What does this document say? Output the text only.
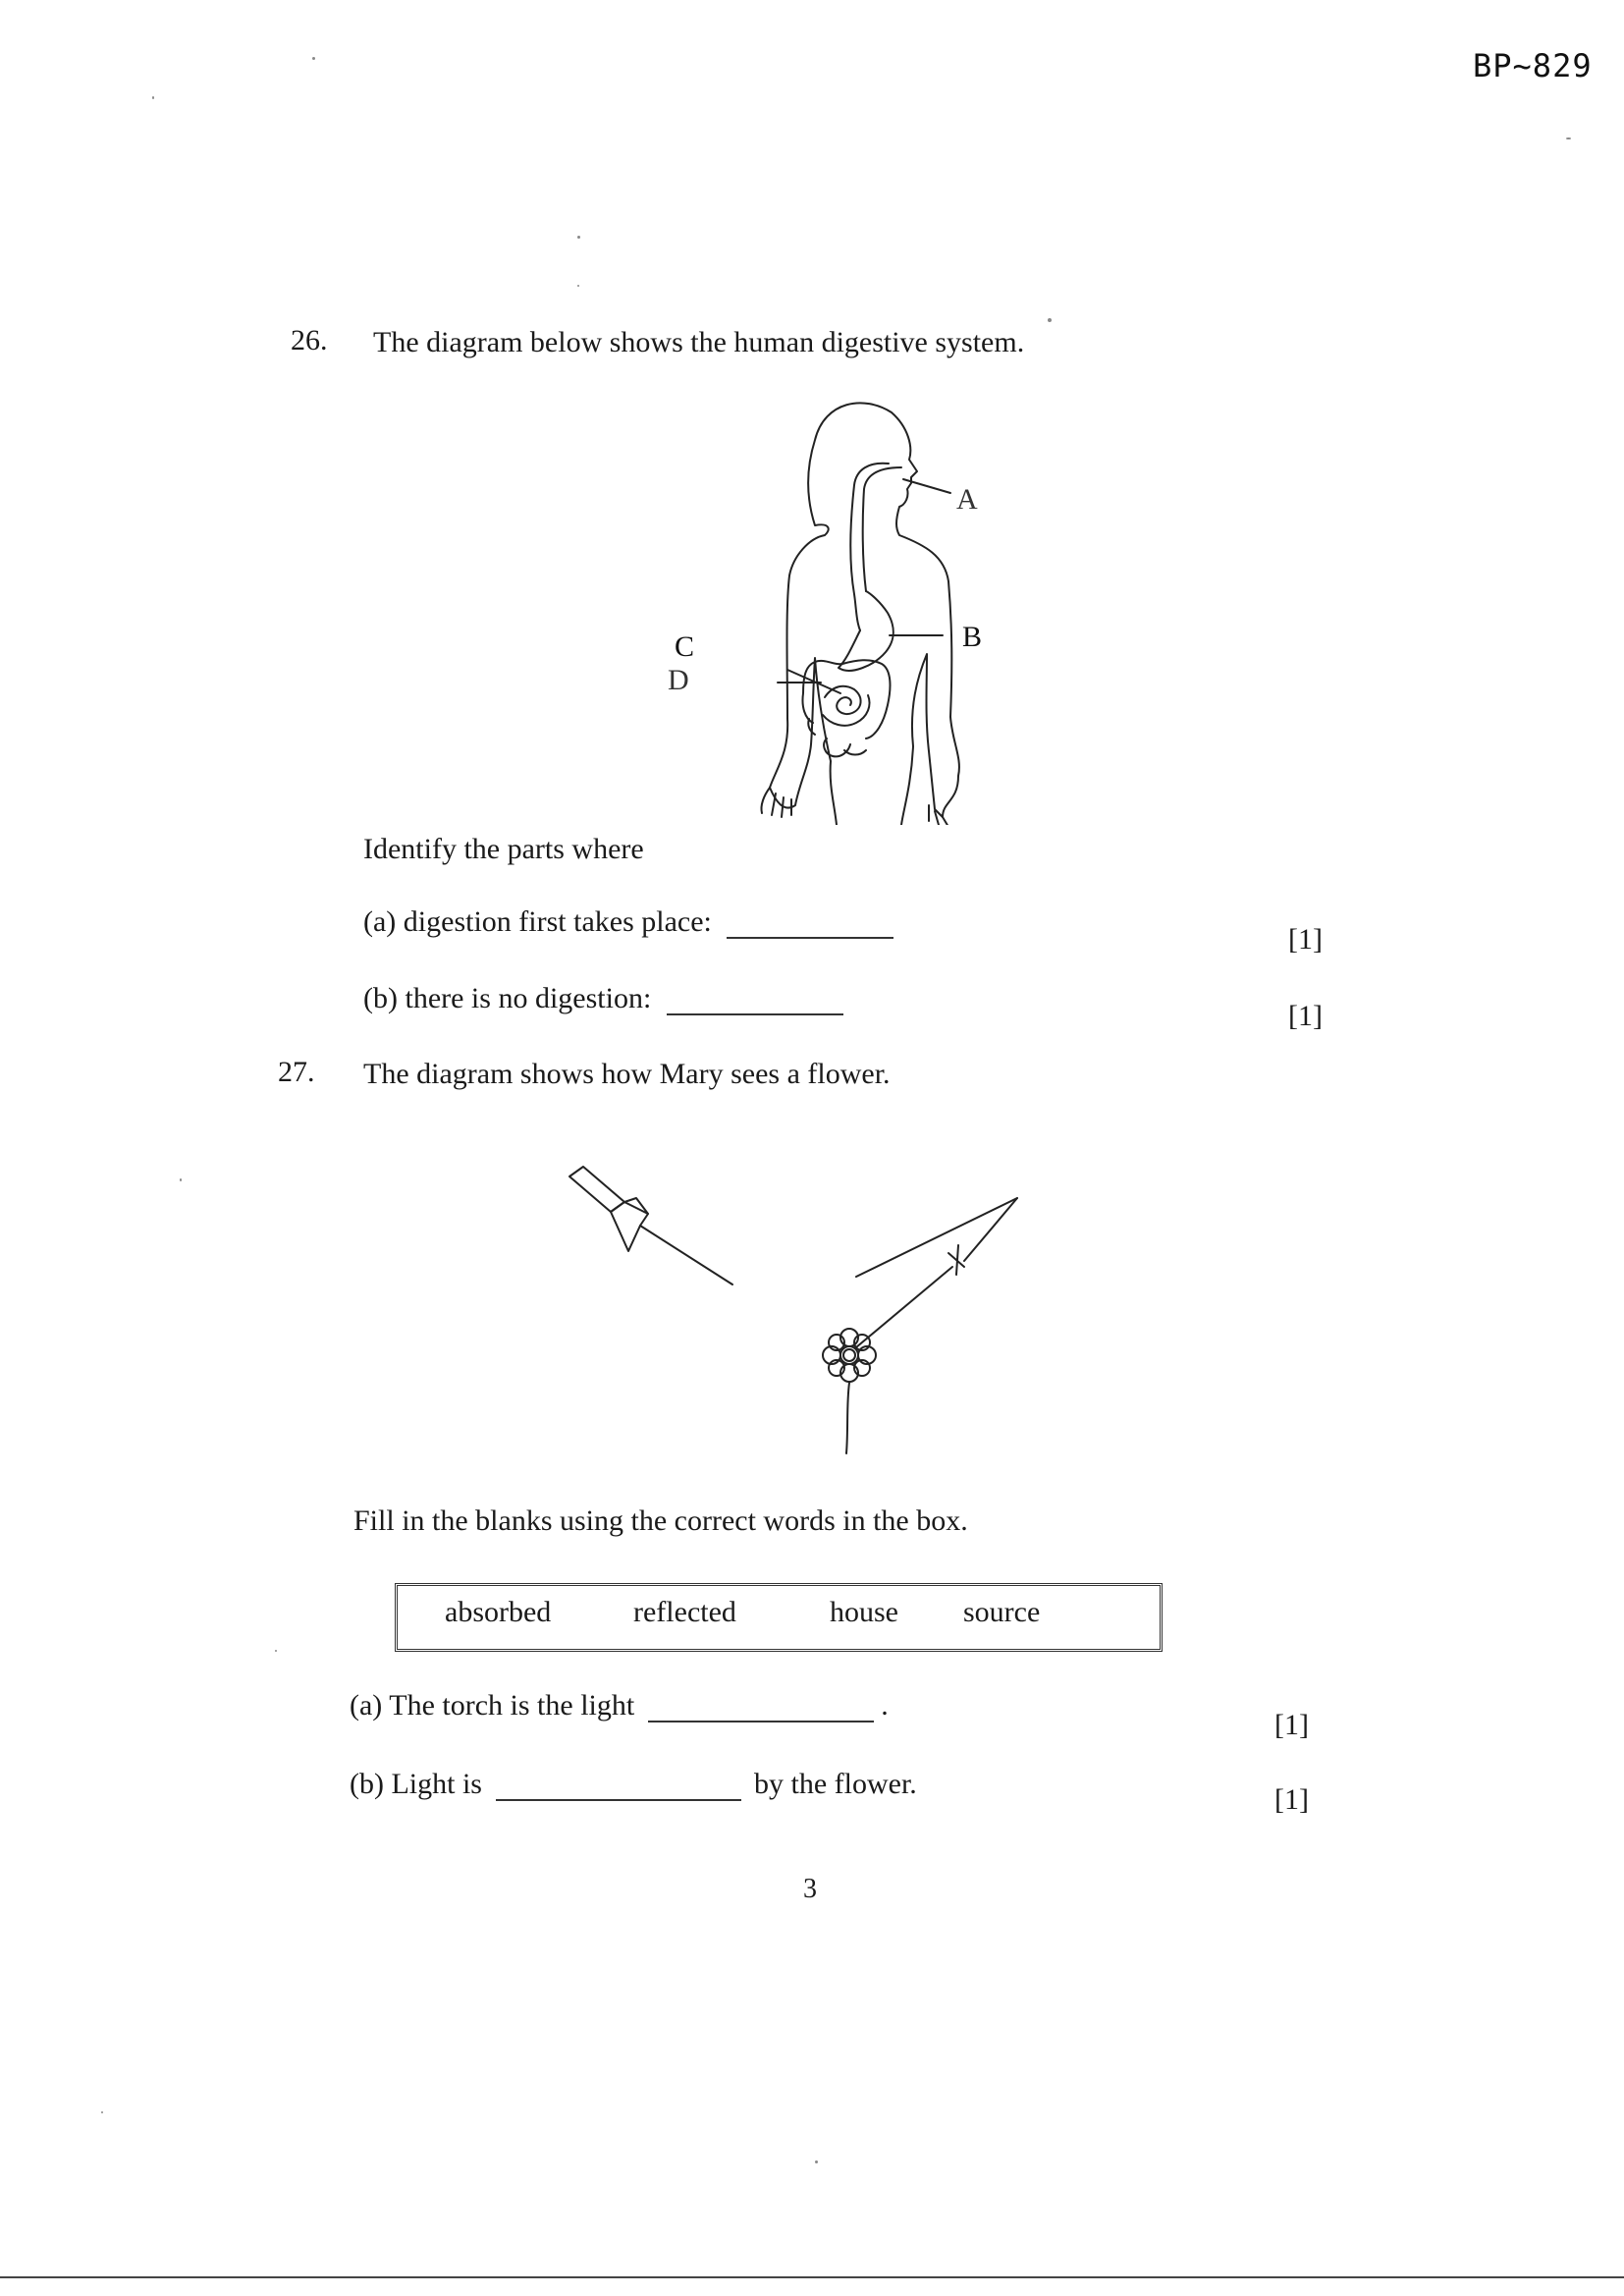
BP~829
26. The diagram below shows the human digestive system.
A
B
C
D
Identify the parts where
(a) digestion first takes place:
[1]
(b) there is no digestion:
[1]
27. The diagram shows how Mary sees a flower.
Fill in the blanks using the correct words in the box.
absorbed	reflected	house source
(a) The torch is the light	.
[1]
(b) Light is	by the flower.	[1]
3
